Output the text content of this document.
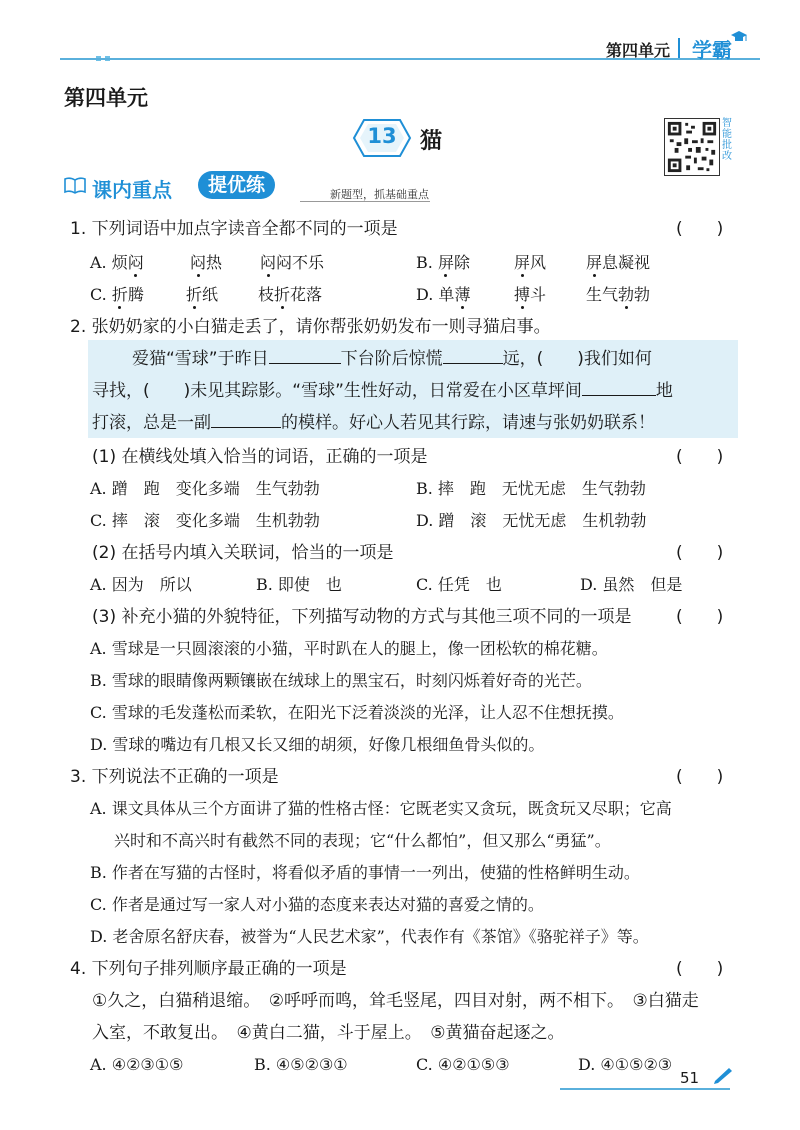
第四单元 学霸
第四单元
13	猫
智能批改
课内重点	提优练	新题型，抓基础重点
1. 下列词语中加点字读音全都不同的一项是	(　　)
A. 烦闷	闷热 闷闷不乐	B. 屏除	屏风 屏息凝视
C. 折腾	折纸 枝折花落	D. 单薄	搏斗 生气勃勃
2. 张奶奶家的小白猫走丢了，请你帮张奶奶发布一则寻猫启事。
爱猫“雪球”于昨日	下台阶后惊慌	远，(　　)我们如何
寻找，(　　)未见其踪影。“雪球”生性好动，日常爱在小区草坪间	地
打滚，总是一副	的模样。好心人若见其行踪，请速与张奶奶联系！
(1) 在横线处填入恰当的词语，正确的一项是	(　　)
A. 蹭　跑　变化多端　生气勃勃	B. 摔　跑　无忧无虑　生气勃勃
C. 摔　滚　变化多端　生机勃勃	D. 蹭　滚　无忧无虑　生机勃勃
(2) 在括号内填入关联词，恰当的一项是	(　　)
A. 因为　所以	B. 即使　也	C. 任凭　也	D. 虽然　但是
(3) 补充小猫的外貌特征，下列描写动物的方式与其他三项不同的一项是	(　　)
A. 雪球是一只圆滚滚的小猫，平时趴在人的腿上，像一团松软的棉花糖。
B. 雪球的眼睛像两颗镶嵌在绒球上的黑宝石，时刻闪烁着好奇的光芒。
C. 雪球的毛发蓬松而柔软，在阳光下泛着淡淡的光泽，让人忍不住想抚摸。
D. 雪球的嘴边有几根又长又细的胡须，好像几根细鱼骨头似的。
3. 下列说法不正确的一项是	(　　)
A. 课文具体从三个方面讲了猫的性格古怪：它既老实又贪玩，既贪玩又尽职；它高
兴时和不高兴时有截然不同的表现；它“什么都怕”，但又那么“勇猛”。
B. 作者在写猫的古怪时，将看似矛盾的事情一一列出，使猫的性格鲜明生动。
C. 作者是通过写一家人对小猫的态度来表达对猫的喜爱之情的。
D. 老舍原名舒庆春，被誉为“人民艺术家”，代表作有《茶馆》《骆驼祥子》等。
4. 下列句子排列顺序最正确的一项是	(　　)
①久之，白猫稍退缩。　②呼呼而鸣，耸毛竖尾，四目对射，两不相下。　③白猫走
入室，不敢复出。　④黄白二猫，斗于屋上。　⑤黄猫奋起逐之。
A. ④②③①⑤	B. ④⑤②③①	C. ④②①⑤③	D. ④①⑤②③
51
